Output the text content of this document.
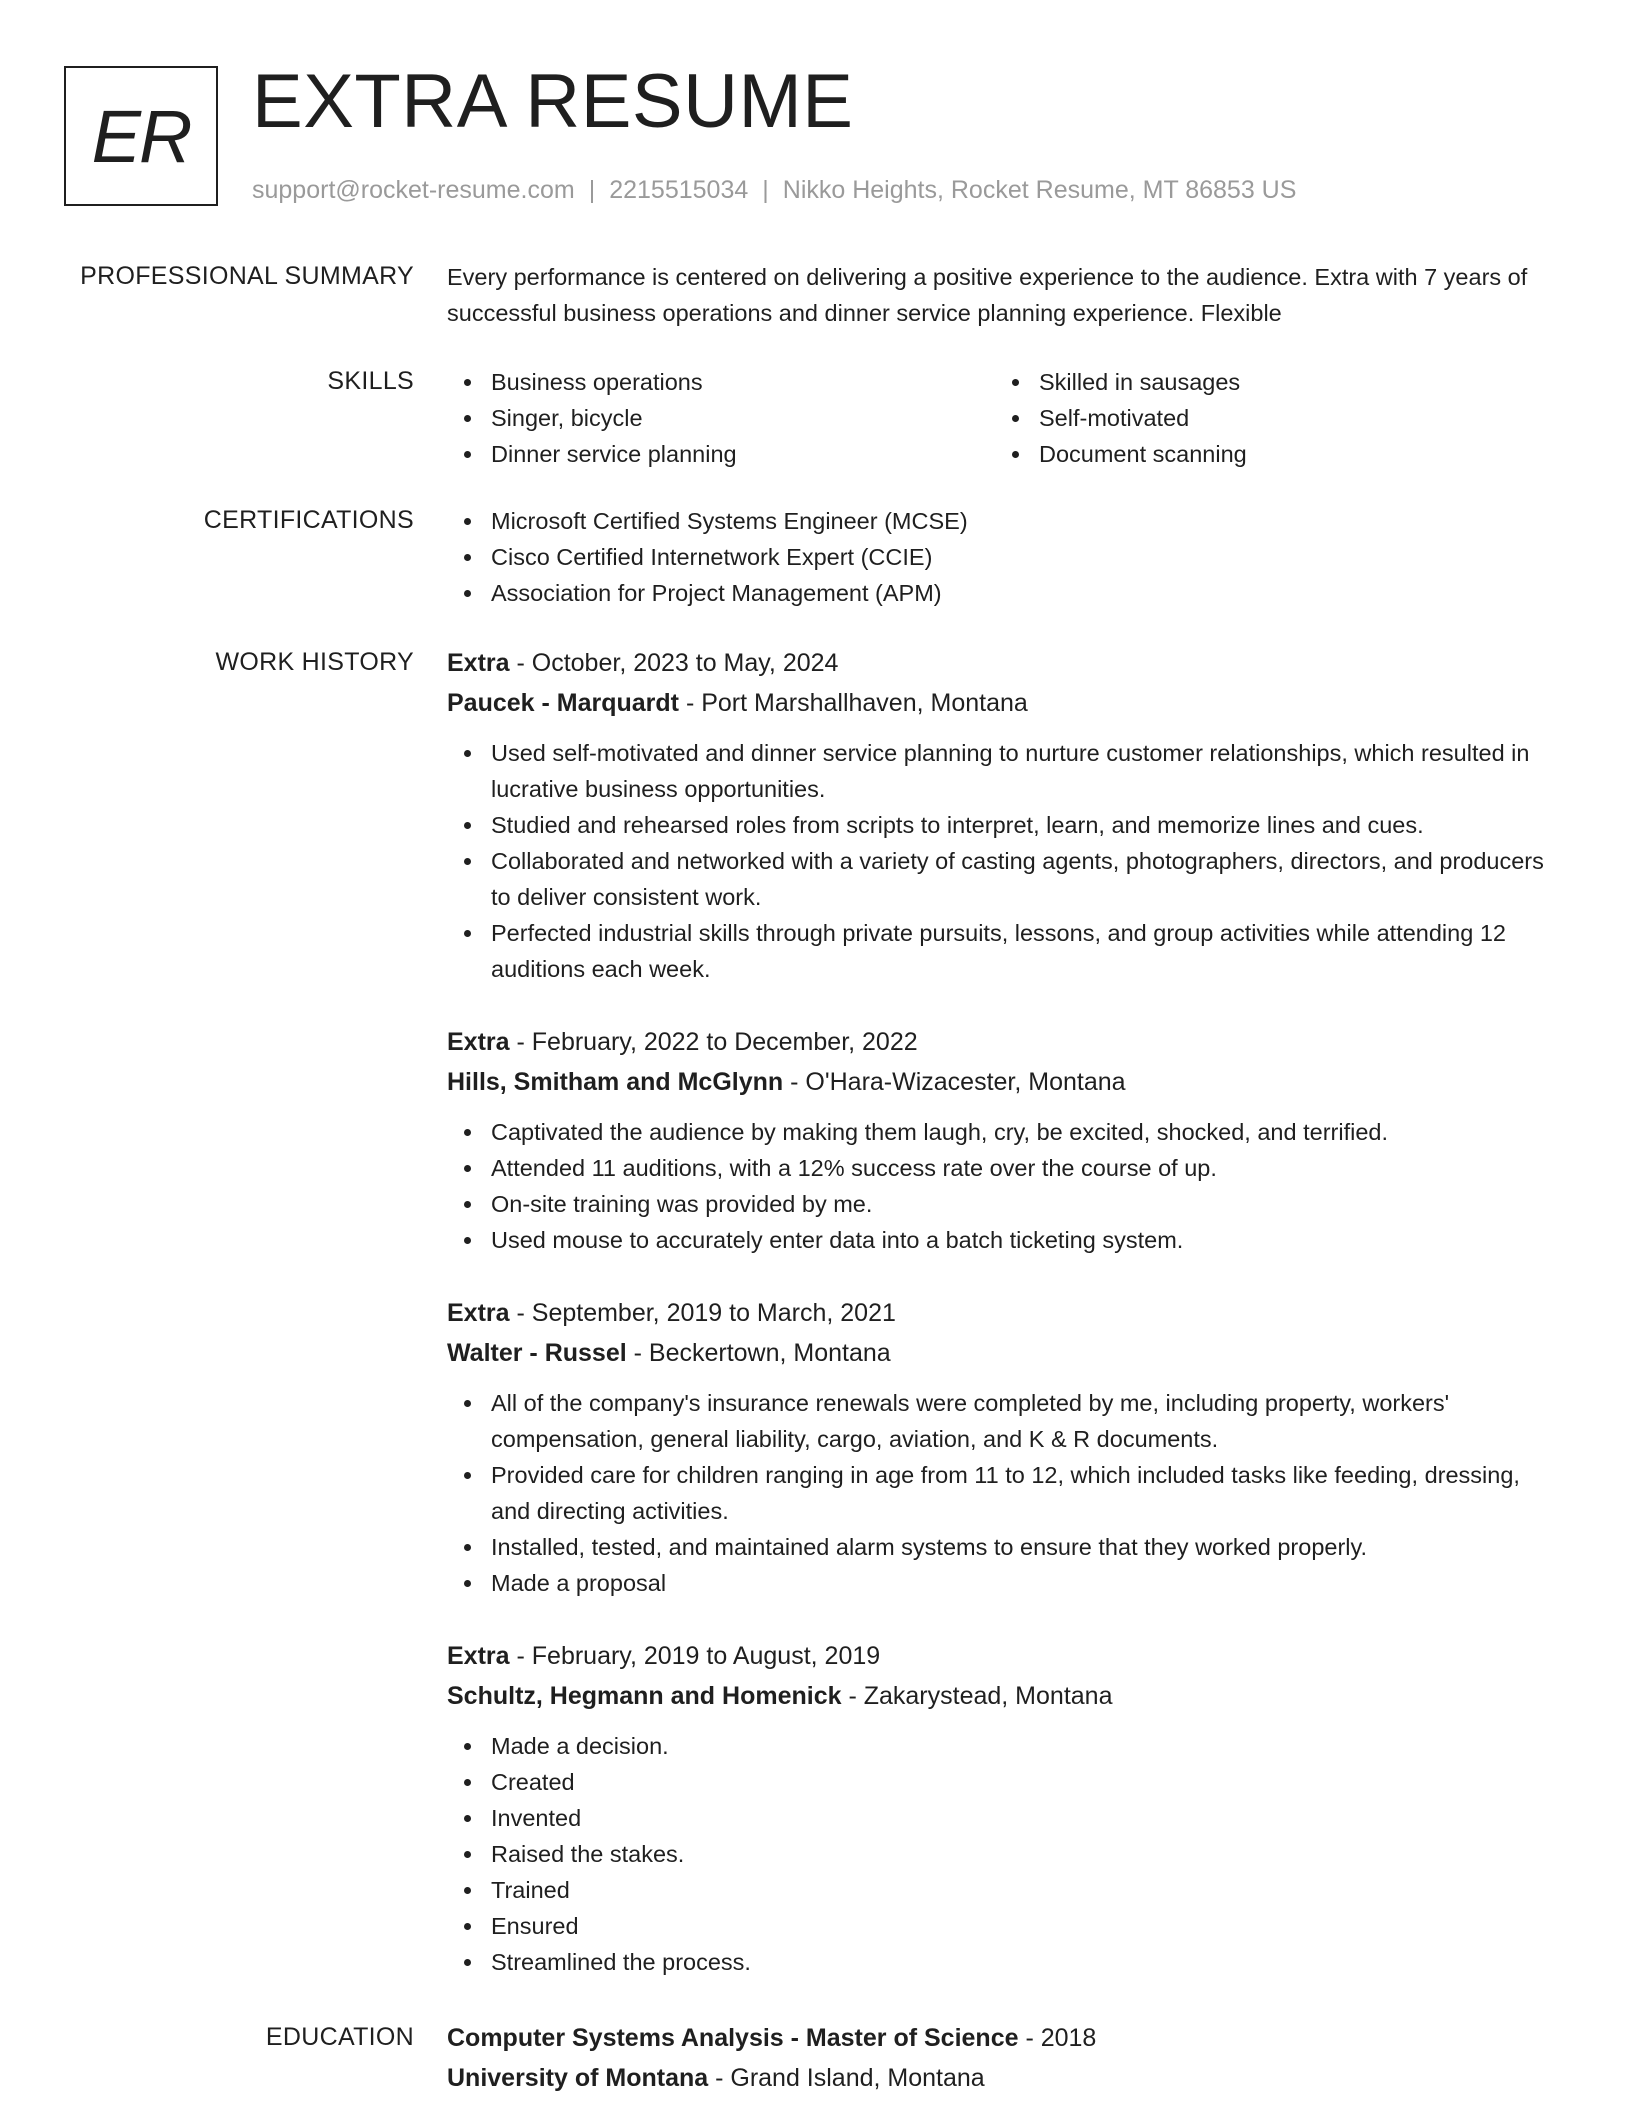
ER EXTRA RESUME
support@rocket-resume.com | 2215515034 | Nikko Heights, Rocket Resume, MT 86853 US
PROFESSIONAL SUMMARY Every performance is centered on delivering a positive experience to the audience. Extra with 7 years of successful business operations and dinner service planning experience. Flexible

SKILLS	Business operations
Singer, bicycle
Dinner service planning
Skilled in sausages
Self-motivated
Document scanning
CERTIFICATIONS	Microsoft Certified Systems Engineer (MCSE)
Cisco Certified Internetwork Expert (CCIE)
Association for Project Management (APM)
WORK HISTORY Extra - October, 2023 to May, 2024
Paucek - Marquardt - Port Marshallhaven, Montana
Used self-motivated and dinner service planning to nurture customer relationships, which resulted in lucrative business opportunities.
Studied and rehearsed roles from scripts to interpret, learn, and memorize lines and cues.
Collaborated and networked with a variety of casting agents, photographers, directors, and producers to deliver consistent work.
Perfected industrial skills through private pursuits, lessons, and group activities while attending 12 auditions each week.
Extra - February, 2022 to December, 2022
Hills, Smitham and McGlynn - O'Hara-Wizacester, Montana
Captivated the audience by making them laugh, cry, be excited, shocked, and terrified.
Attended 11 auditions, with a 12% success rate over the course of up.
On-site training was provided by me.
Used mouse to accurately enter data into a batch ticketing system.
Extra - September, 2019 to March, 2021
Walter - Russel - Beckertown, Montana
All of the company's insurance renewals were completed by me, including property, workers' compensation, general liability, cargo, aviation, and K & R documents.
Provided care for children ranging in age from 11 to 12, which included tasks like feeding, dressing, and directing activities.
Installed, tested, and maintained alarm systems to ensure that they worked properly.
Made a proposal
Extra - February, 2019 to August, 2019
Schultz, Hegmann and Homenick - Zakarystead, Montana
Made a decision.
Created
Invented
Raised the stakes.
Trained
Ensured
Streamlined the process.
EDUCATION Computer Systems Analysis - Master of Science - 2018
University of Montana - Grand Island, Montana
